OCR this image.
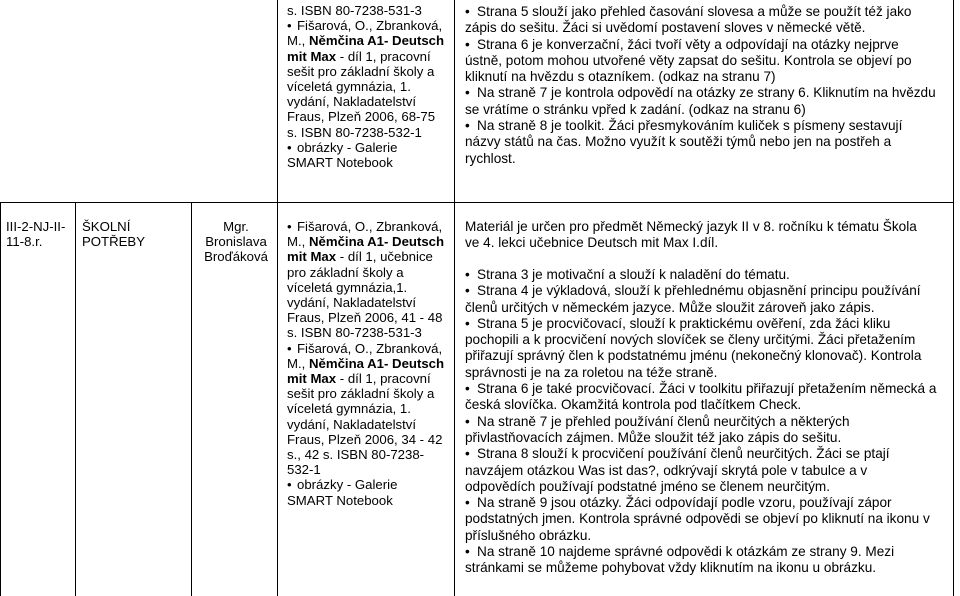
s. ISBN 80-7238-531-3
• Fišarová, O., Zbranková,
M., Němčina A1- Deutsch
mit Max - díl 1, pracovní
sešit pro základní školy a
víceletá gymnázia, 1.
vydání, Nakladatelství
Fraus, Plzeň 2006, 68-75
s. ISBN 80-7238-532-1
• obrázky - Galerie
SMART Notebook
• Strana 5 slouží jako přehled časování slovesa a může se použít též jako
zápis do sešitu. Žáci si uvědomí postavení sloves v německé větě.
• Strana 6 je konverzační, žáci tvoří věty a odpovídají na otázky nejprve
ústně, potom mohou utvořené věty zapsat do sešitu. Kontrola se objeví po
kliknutí na hvězdu s otazníkem. (odkaz na stranu 7)
• Na straně 7 je kontrola odpovědí na otázky ze strany 6. Kliknutím na hvězdu
se vrátíme o stránku vpřed k zadání. (odkaz na stranu 6)
• Na straně 8 je toolkit. Žáci přesmykováním kuliček s písmeny sestavují
názvy států na čas. Možno využít k soutěži týmů nebo jen na postřeh a
rychlost.
III-2-NJ-II-
11-8.r.
ŠKOLNÍ
POTŘEBY
Mgr.
Bronislava
Broďáková
• Fišarová, O., Zbranková,
M., Němčina A1- Deutsch
mit Max - díl 1, učebnice
pro základní školy a
víceletá gymnázia,1.
vydání, Nakladatelství
Fraus, Plzeň 2006, 41 - 48
s. ISBN 80-7238-531-3
• Fišarová, O., Zbranková,
M., Němčina A1- Deutsch
mit Max - díl 1, pracovní
sešit pro základní školy a
víceletá gymnázia, 1.
vydání, Nakladatelství
Fraus, Plzeň 2006, 34 - 42
s., 42 s. ISBN 80-7238-
532-1
• obrázky - Galerie
SMART Notebook
Materiál je určen pro předmět Německý jazyk II v 8. ročníku k tématu Škola
ve 4. lekci učebnice Deutsch mit Max I.díl.
• Strana 3 je motivační a slouží k naladění do tématu.
• Strana 4 je výkladová, slouží k přehlednému objasnění principu používání
členů určitých v německém jazyce. Může sloužit zároveň jako zápis.
• Strana 5 je procvičovací, slouží k praktickému ověření, zda žáci kliku
pochopili a k procvičení nových slovíček se členy určitými. Žáci přetažením
přiřazují správný člen k podstatnému jménu (nekonečný klonovač). Kontrola
správnosti je na za roletou na téže straně.
• Strana 6 je také procvičovací. Žáci v toolkitu přiřazují přetažením německá a
česká slovíčka. Okamžitá kontrola pod tlačítkem Check.
• Na straně 7 je přehled používání členů neurčitých a některých
přivlastňovacích zájmen. Může sloužit též jako zápis do sešitu.
• Strana 8 slouží k procvičení používání členů neurčitých. Žáci se ptají
navzájem otázkou Was ist das?, odkrývají skrytá pole v tabulce a v
odpovědích používají podstatné jméno se členem neurčitým.
• Na straně 9 jsou otázky. Žáci odpovídají podle vzoru, používají zápor
podstatných jmen. Kontrola správné odpovědi se objeví po kliknutí na ikonu v
příslušného obrázku.
• Na straně 10 najdeme správné odpovědi k otázkám ze strany 9. Mezi
stránkami se můžeme pohybovat vždy kliknutím na ikonu u obrázku.
